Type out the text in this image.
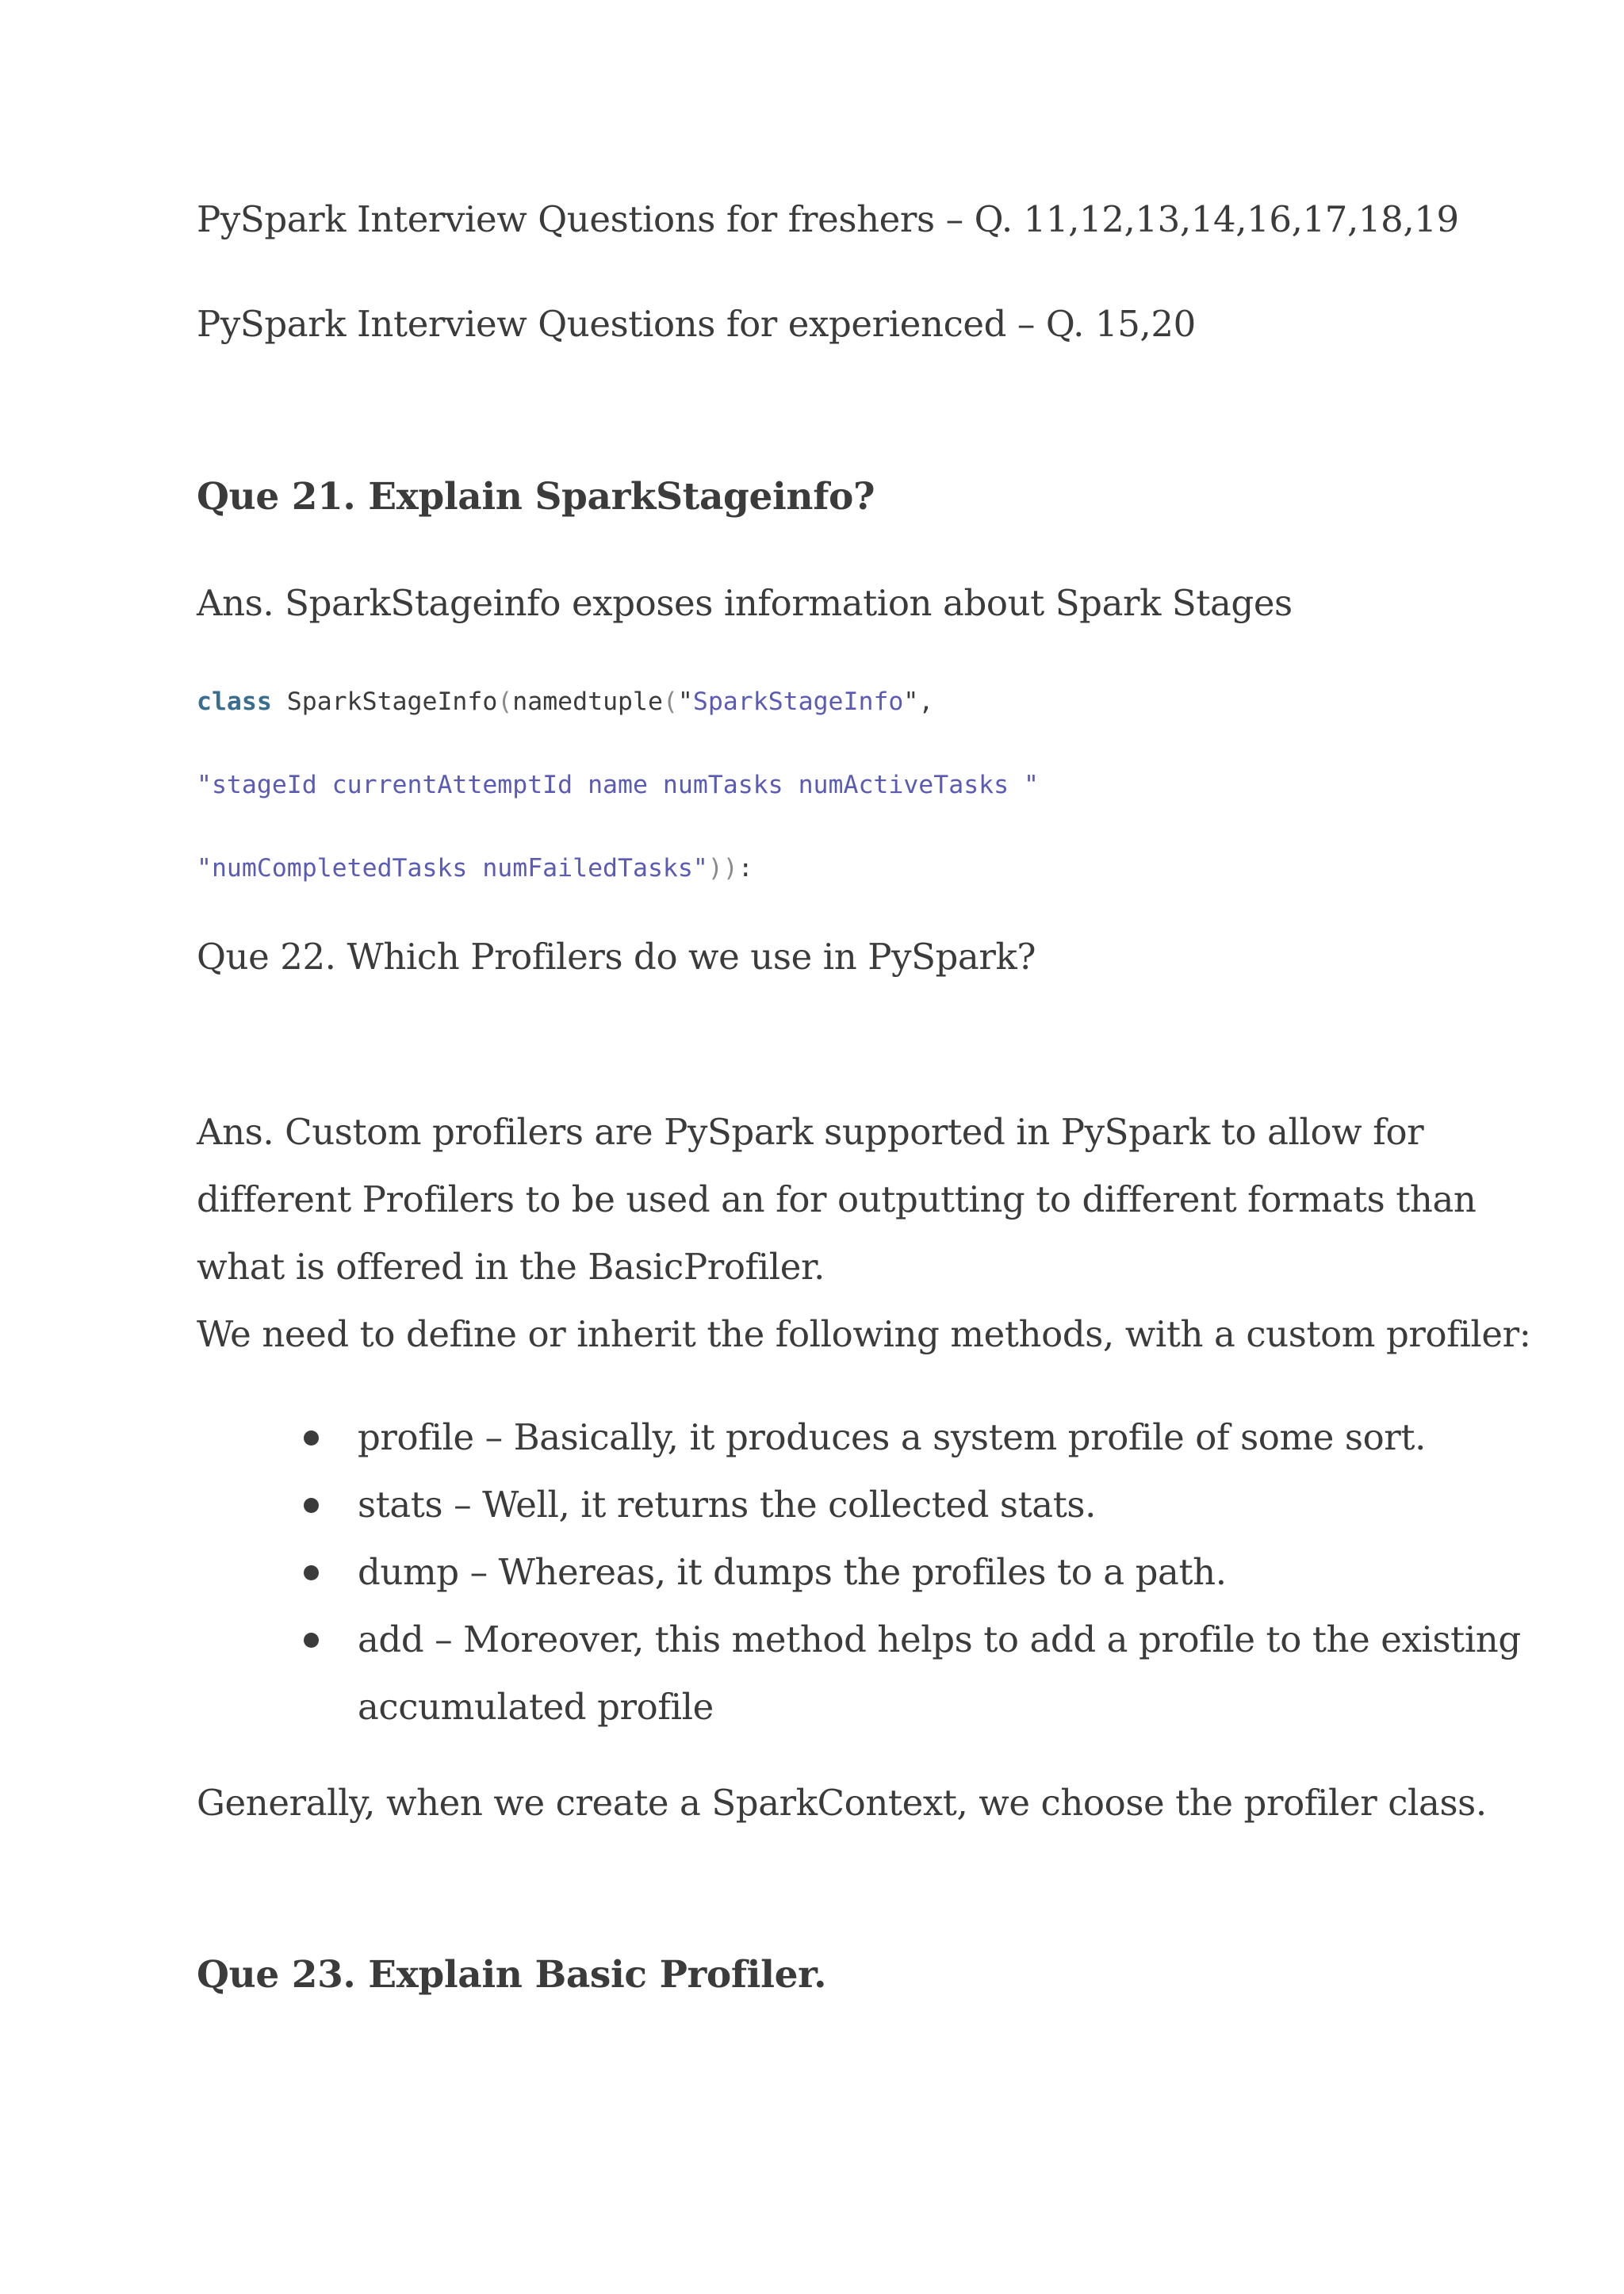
PySpark Interview Questions for freshers – Q. 11,12,13,14,16,17,18,19

PySpark Interview Questions for experienced – Q. 15,20

Que 21. Explain SparkStageinfo?

Ans. SparkStageinfo exposes information about Spark Stages

class SparkStageInfo(namedtuple("SparkStageInfo",
"stageId currentAttemptId name numTasks numActiveTasks "
"numCompletedTasks numFailedTasks")):

Que 22. Which Profilers do we use in PySpark?

Ans. Custom profilers are PySpark supported in PySpark to allow for
different Profilers to be used an for outputting to different formats than
what is offered in the BasicProfiler.
We need to define or inherit the following methods, with a custom profiler:
profile – Basically, it produces a system profile of some sort.
stats – Well, it returns the collected stats.
dump – Whereas, it dumps the profiles to a path.
add – Moreover, this method helps to add a profile to the existing
accumulated profile

Generally, when we create a SparkContext, we choose the profiler class.

Que 23. Explain Basic Profiler.
